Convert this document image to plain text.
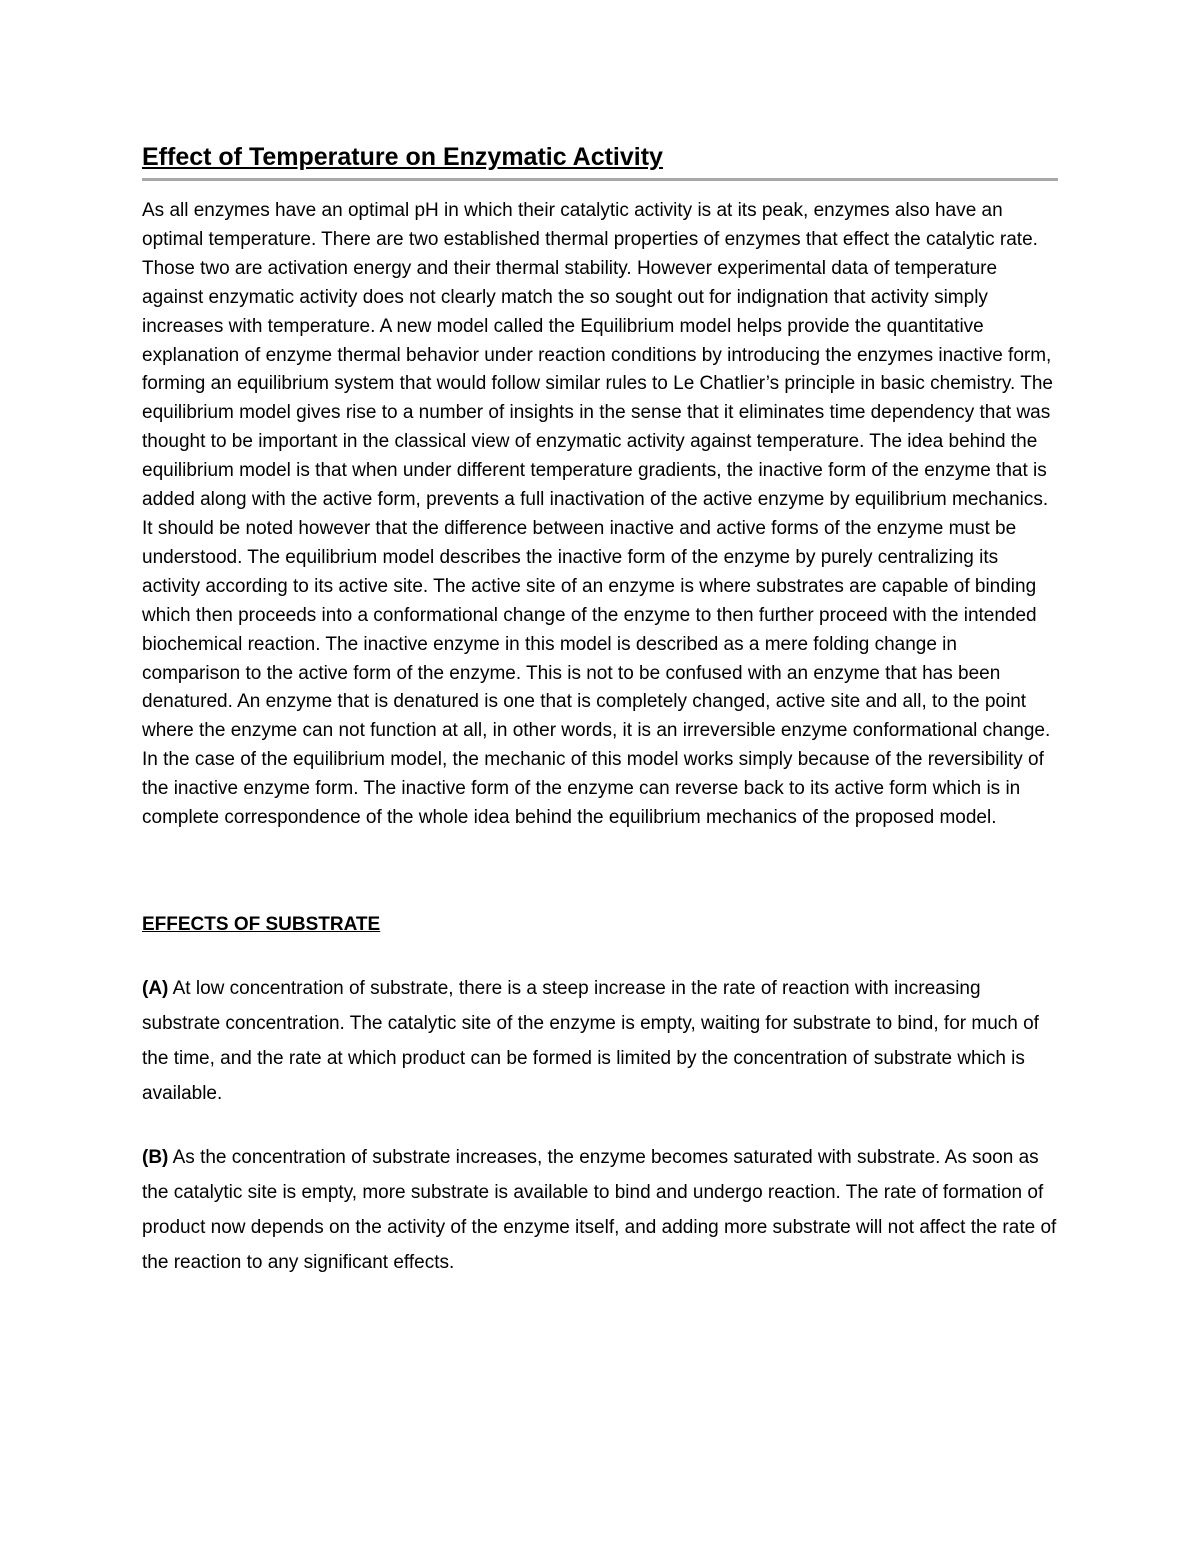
Effect of Temperature on Enzymatic Activity

As all enzymes have an optimal pH in which their catalytic activity is at its peak, enzymes also have an optimal temperature. There are two established thermal properties of enzymes that effect the catalytic rate. Those two are activation energy and their thermal stability. However experimental data of temperature against enzymatic activity does not clearly match the so sought out for indignation that activity simply increases with temperature. A new model called the Equilibrium model helps provide the quantitative explanation of enzyme thermal behavior under reaction conditions by introducing the enzymes inactive form, forming an equilibrium system that would follow similar rules to Le Chatlier’s principle in basic chemistry. The equilibrium model gives rise to a number of insights in the sense that it eliminates time dependency that was thought to be important in the classical view of enzymatic activity against temperature. The idea behind the equilibrium model is that when under different temperature gradients, the inactive form of the enzyme that is added along with the active form, prevents a full inactivation of the active enzyme by equilibrium mechanics. It should be noted however that the difference between inactive and active forms of the enzyme must be understood. The equilibrium model describes the inactive form of the enzyme by purely centralizing its activity according to its active site. The active site of an enzyme is where substrates are capable of binding which then proceeds into a conformational change of the enzyme to then further proceed with the intended biochemical reaction. The inactive enzyme in this model is described as a mere folding change in comparison to the active form of the enzyme. This is not to be confused with an enzyme that has been denatured. An enzyme that is denatured is one that is completely changed, active site and all, to the point where the enzyme can not function at all, in other words, it is an irreversible enzyme conformational change. In the case of the equilibrium model, the mechanic of this model works simply because of the reversibility of the inactive enzyme form. The inactive form of the enzyme can reverse back to its active form which is in complete correspondence of the whole idea behind the equilibrium mechanics of the proposed model.

EFFECTS OF SUBSTRATE

(A) At low concentration of substrate, there is a steep increase in the rate of reaction with increasing substrate concentration. The catalytic site of the enzyme is empty, waiting for substrate to bind, for much of the time, and the rate at which product can be formed is limited by the concentration of substrate which is available.

(B) As the concentration of substrate increases, the enzyme becomes saturated with substrate. As soon as the catalytic site is empty, more substrate is available to bind and undergo reaction. The rate of formation of product now depends on the activity of the enzyme itself, and adding more substrate will not affect the rate of the reaction to any significant effects.
